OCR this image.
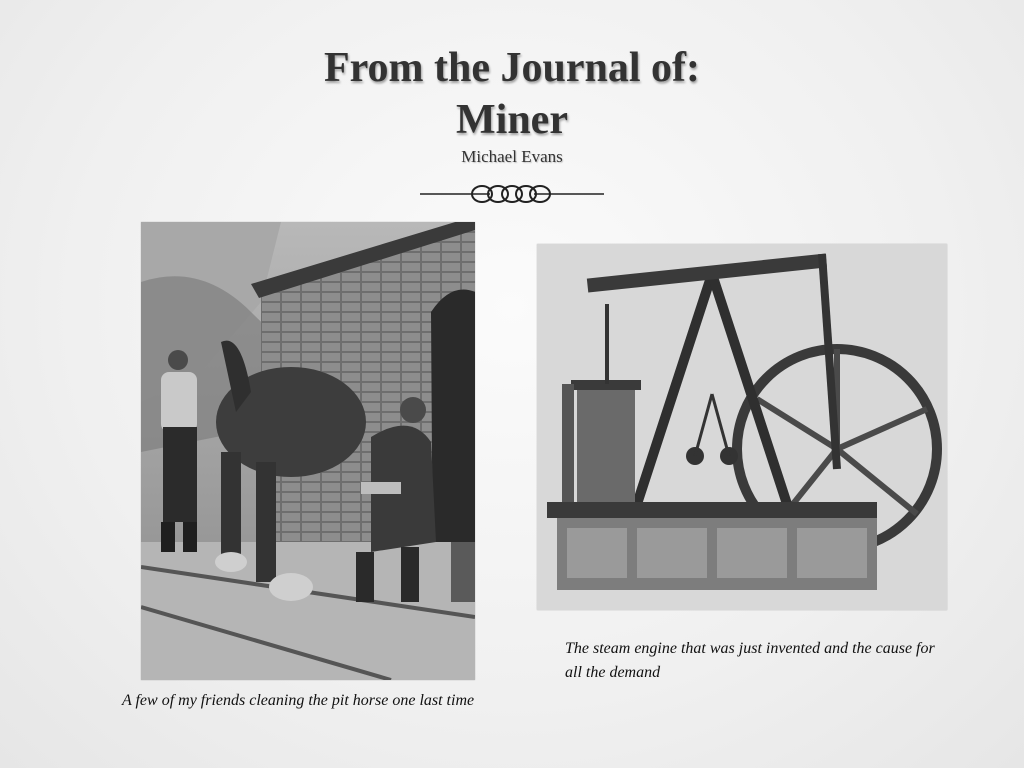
From the Journal of:
Miner
Michael Evans
The steam engine that was just invented and the cause for all the demand
A few of my friends cleaning the pit horse one last time
